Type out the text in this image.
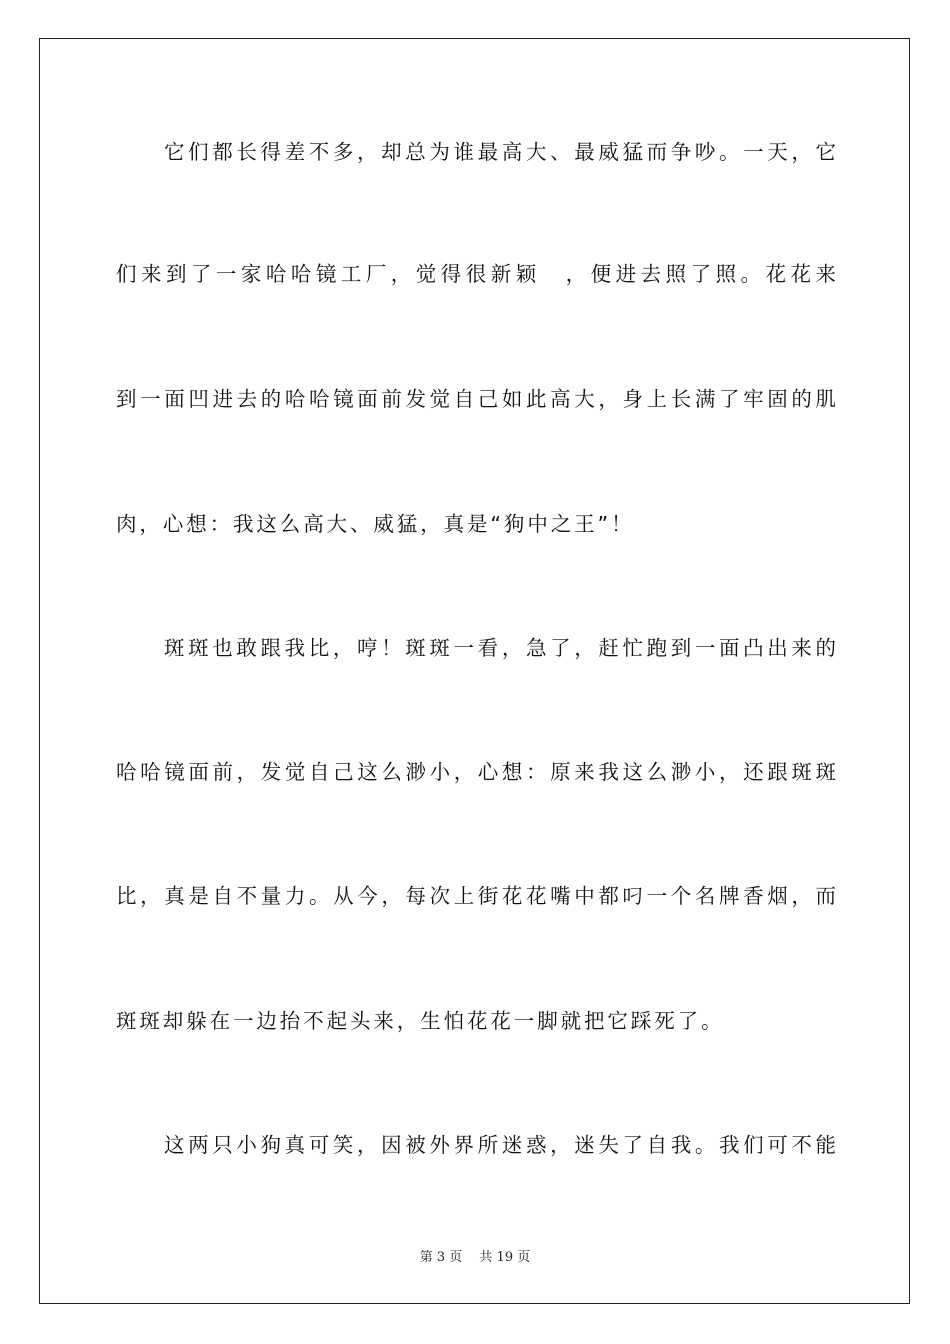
它们都长得差不多，却总为谁最高大、最威猛而争吵。一天，它
们来到了一家哈哈镜工厂，觉得很新颖　，便进去照了照。花花来
到一面凹进去的哈哈镜面前发觉自己如此高大，身上长满了牢固的肌
肉，心想：我这么高大、威猛，真是“狗中之王”！
斑斑也敢跟我比，哼！斑斑一看，急了，赶忙跑到一面凸出来的
哈哈镜面前，发觉自己这么渺小，心想：原来我这么渺小，还跟斑斑
比，真是自不量力。从今，每次上街花花嘴中都叼一个名牌香烟，而
斑斑却躲在一边抬不起头来，生怕花花一脚就把它踩死了。
这两只小狗真可笑，因被外界所迷惑，迷失了自我。我们可不能
第 3 页　 共 19 页
